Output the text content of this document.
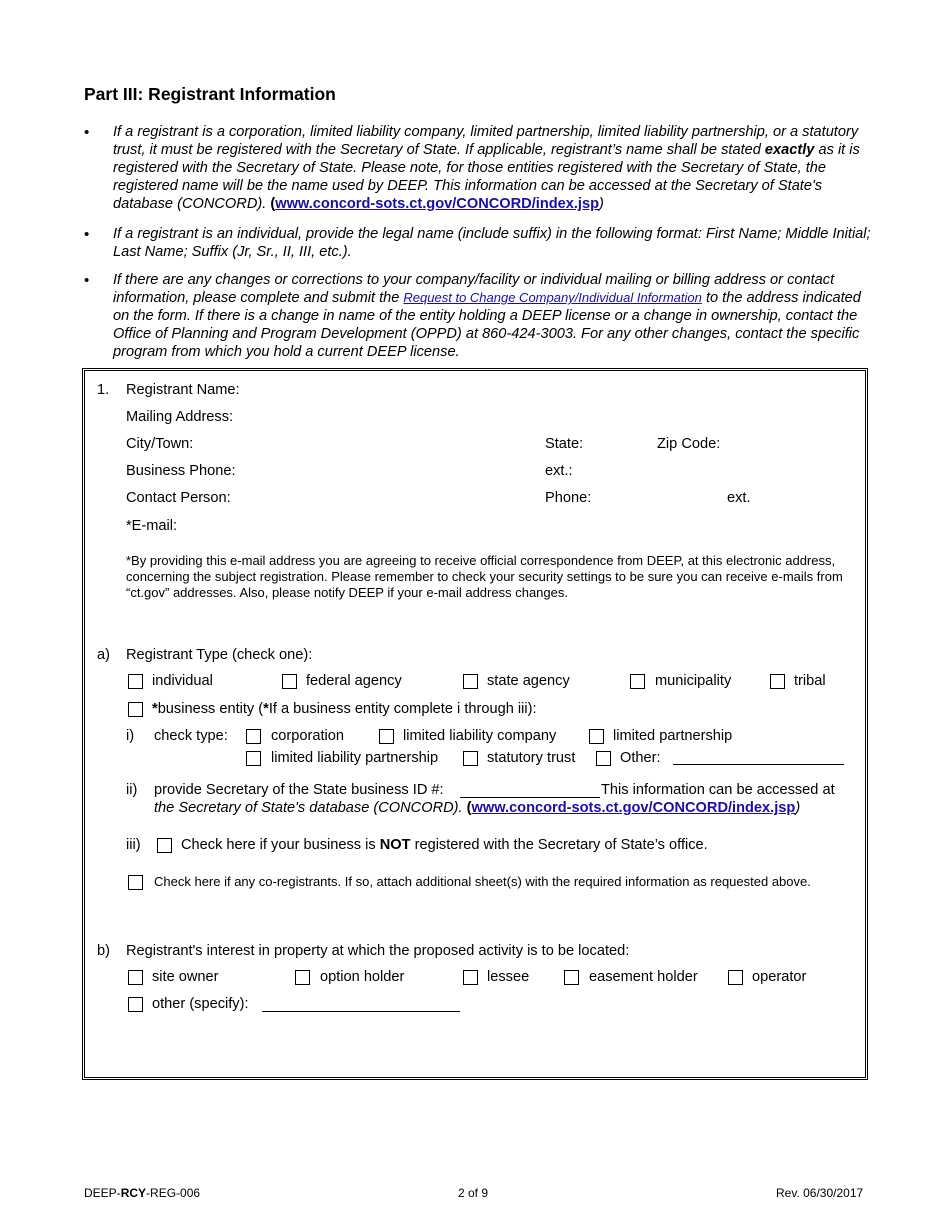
Part III: Registrant Information
• If a registrant is a corporation, limited liability company, limited partnership, limited liability partnership, or a statutory trust, it must be registered with the Secretary of State. If applicable, registrant’s name shall be stated exactly as it is registered with the Secretary of State. Please note, for those entities registered with the Secretary of State, the registered name will be the name used by DEEP. This information can be accessed at the Secretary of State's database (CONCORD). (www.concord-sots.ct.gov/CONCORD/index.jsp)
• If a registrant is an individual, provide the legal name (include suffix) in the following format: First Name; Middle Initial; Last Name; Suffix (Jr, Sr., II, III, etc.).
• If there are any changes or corrections to your company/facility or individual mailing or billing address or contact information, please complete and submit the Request to Change Company/Individual Information to the address indicated on the form. If there is a change in name of the entity holding a DEEP license or a change in ownership, contact the Office of Planning and Program Development (OPPD) at 860-424-3003. For any other changes, contact the specific program from which you hold a current DEEP license.
1. Registrant Name:
Mailing Address:
City/Town:	State:	Zip Code:
Business Phone:	ext.:
Contact Person:	Phone:	ext.
*E-mail:
*By providing this e-mail address you are agreeing to receive official correspondence from DEEP, at this electronic address, concerning the subject registration. Please remember to check your security settings to be sure you can receive e-mails from “ct.gov” addresses. Also, please notify DEEP if your e-mail address changes.
a) Registrant Type (check one):
individual	federal agency	state agency	municipality	tribal
*business entity (*If a business entity complete i through iii):
i) check type:	corporation	limited liability company	limited partnership
limited liability partnership	statutory trust	Other:
ii) provide Secretary of the State business ID #:	This information can be accessed at
the Secretary of State's database (CONCORD). (www.concord-sots.ct.gov/CONCORD/index.jsp)
iii)	Check here if your business is NOT registered with the Secretary of State’s office.
Check here if any co-registrants. If so, attach additional sheet(s) with the required information as requested above.
b) Registrant's interest in property at which the proposed activity is to be located:
site owner	option holder	lessee	easement holder	operator
other (specify):
DEEP-RCY-REG-006	2 of 9	Rev. 06/30/2017
